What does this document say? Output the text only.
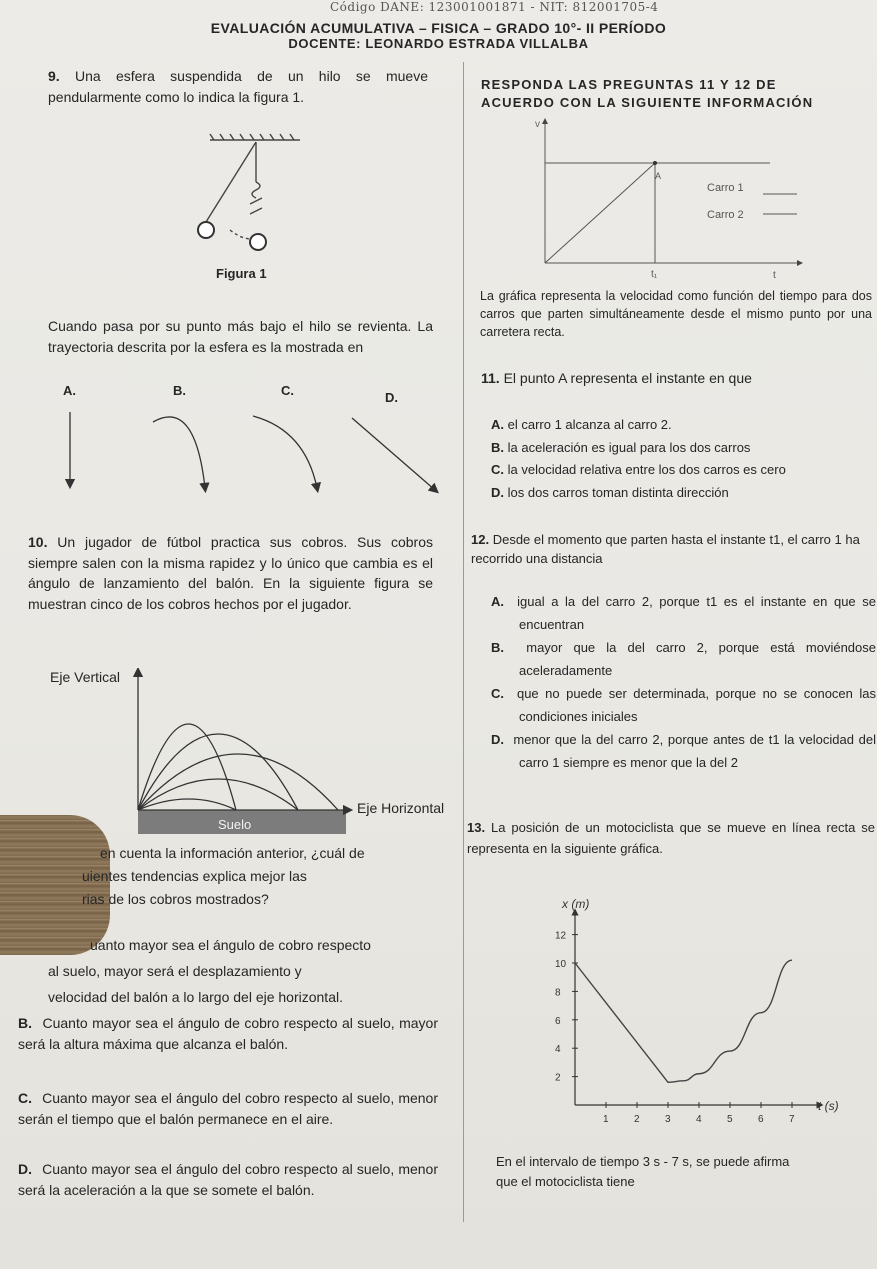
Código DANE: 123001001871 - NIT: 812001705-4
EVALUACIÓN ACUMULATIVA – FISICA – GRADO 10°- II PERÍODO
DOCENTE: LEONARDO ESTRADA VILLALBA
9. Una esfera suspendida de un hilo se mueve pendularmente como lo indica la figura 1.
Figura 1
Cuando pasa por su punto más bajo el hilo se revienta. La trayectoria descrita por la esfera es la mostrada en
A.	B.	C.	D.
10. Un jugador de fútbol practica sus cobros. Sus cobros siempre salen con la misma rapidez y lo único que cambia es el ángulo de lanzamiento del balón. En la siguiente figura se muestran cinco de los cobros hechos por el jugador.
Eje Vertical
Eje Horizontal
Suelo
en cuenta la información anterior, ¿cuál de
uientes tendencias explica mejor las
rias de los cobros mostrados?
uanto mayor sea el ángulo de cobro respecto
al suelo, mayor será el desplazamiento y
velocidad del balón a lo largo del eje horizontal.
B. Cuanto mayor sea el ángulo de cobro respecto al suelo, mayor será la altura máxima que alcanza el balón.
C. Cuanto mayor sea el ángulo del cobro respecto al suelo, menor serán el tiempo que el balón permanece en el aire.
D. Cuanto mayor sea el ángulo del cobro respecto al suelo, menor será la aceleración a la que se somete el balón.
RESPONDA LAS PREGUNTAS 11 Y 12 DE
ACUERDO CON LA SIGUIENTE INFORMACIÓN
v
A
t₁	t
Carro 1
Carro 2
La gráfica representa la velocidad como función del tiempo para dos carros que parten simultáneamente desde el mismo punto por una carretera recta.
11. El punto A representa el instante en que
A. el carro 1 alcanza al carro 2.
B. la aceleración es igual para los dos carros
C. la velocidad relativa entre los dos carros es cero
D. los dos carros toman distinta dirección
12. Desde el momento que parten hasta el instante t1, el carro 1 ha recorrido una distancia
A. igual a la del carro 2, porque t1 es el instante en que se encuentran
B. mayor que la del carro 2, porque está moviéndose aceleradamente
C. que no puede ser determinada, porque no se conocen las condiciones iniciales
D. menor que la del carro 2, porque antes de t1 la velocidad del carro 1 siempre es menor que la del 2
13. La posición de un motociclista que se mueve en línea recta se representa en la siguiente gráfica.
x (m)
t (s)
1	2	3	4	5	6	7
2
4
6
8
10
12
En el intervalo de tiempo 3 s - 7 s, se puede afirma
que el motociclista tiene
